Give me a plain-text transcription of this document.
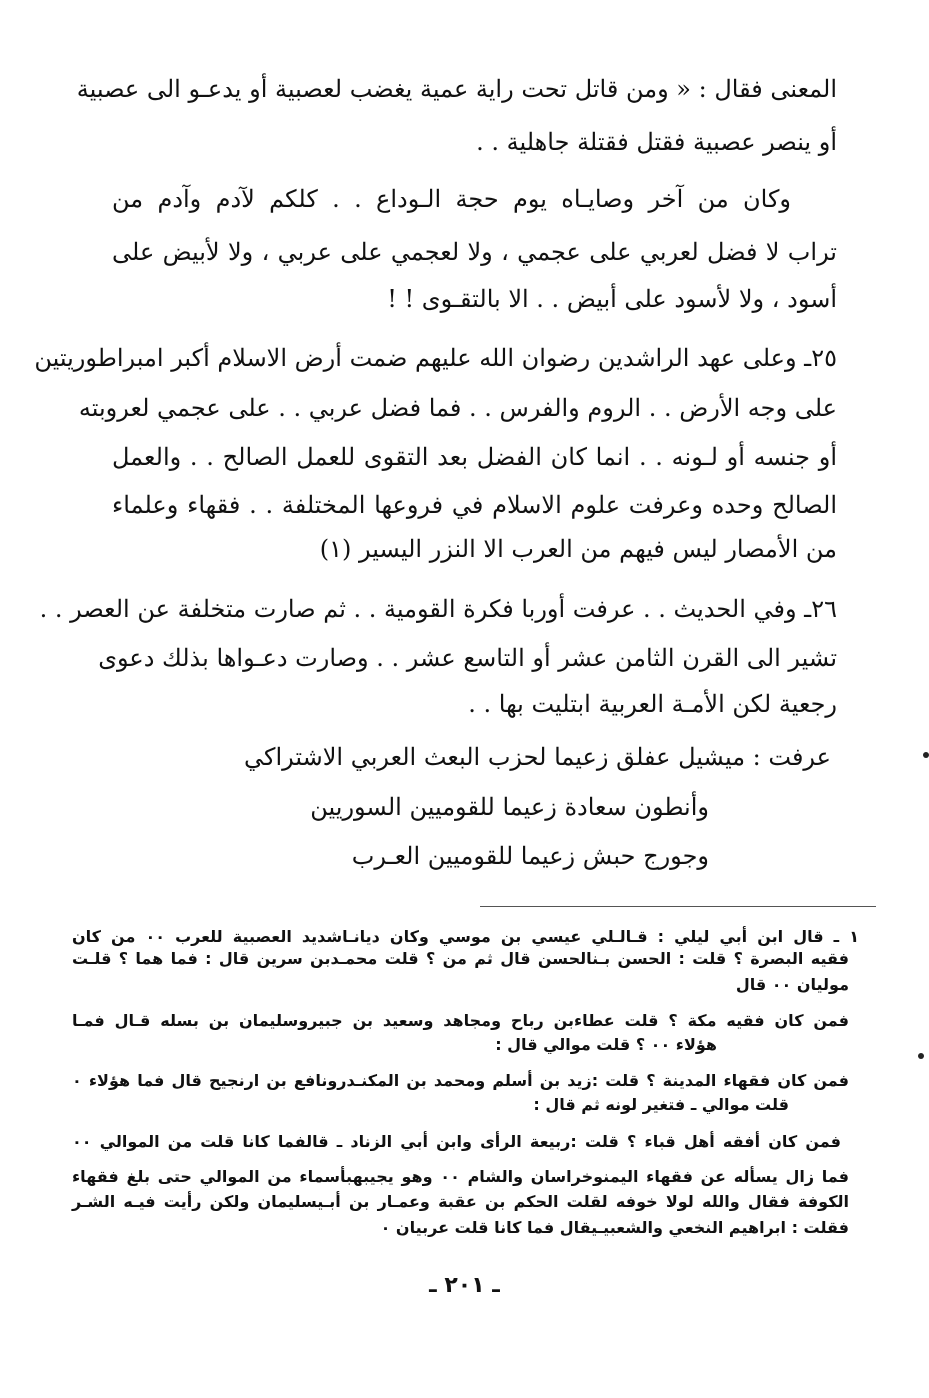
المعنى فقال : « ومن قاتل تحت راية عمية يغضب لعصبية أو يدعـو الى عصبية
أو ينصر عصبية فقتل فقتلة جاهلية . .
وكان من آخر وصايـاه يوم حجة الـوداع . . كلكم لآدم وآدم من
تراب لا فضل لعربي على عجمي ، ولا لعجمي على عربي ، ولا لأبيض على
أسود ، ولا لأسود على أبيض . . الا بالتقـوى ! !
٢٥ـ وعلى عهد الراشدين رضوان الله عليهم ضمت أرض الاسلام أكبر امبراطوريتين
على وجه الأرض . . الروم والفرس . . فما فضل عربي . . على عجمي لعروبته
أو جنسه أو لـونه . . انما كان الفضل بعد التقوى للعمل الصالح . . والعمل
الصالح وحده وعرفت علوم الاسلام في فروعها المختلفة . . فقهاء وعلماء
من الأمصار ليس فيهم من العرب الا النزر اليسير (١)
٢٦ـ وفي الحديث . . عرفت أوربا فكرة القومية . . ثم صارت متخلفة عن العصر . .
تشير الى القرن الثامن عشر أو التاسع عشر . . وصارت دعـواها بذلك دعوى
رجعية لكن الأمـة العربية ابتليت بها . .
عرفت : ميشيل عفلق زعيما لحزب البعث العربي الاشتراكي
وأنطون سعادة زعيما للقوميين السوريين
وجورج حبش زعيما للقوميين العـرب
١ ـ قال ابن أبي ليلي : قـالـلي عيسي بن موسي وكان ديانـاشديد العصبية للعرب ٠٠ من كان
فقيه البصرة ؟ قلت : الحسن بـنالحسن قال ثم من ؟ قلت محمـدبن سرين قال : فما هما ؟ قلـت
موليان ٠٠ قال
فمن كان فقيه مكة ؟ قلت عطاءبن رباح ومجاهد وسعيد بن جبيروسليمان بن بسله قـال فمـا
هؤلاء ٠٠ ؟ قلت موالي قال :
فمن كان فقهاء المدينة ؟ قلت :زيد بن أسلم ومحمد بن المكنـدرونافع بن ارنجيح قال فما هؤلاء ٠
قلت موالي ـ فتغير لونه ثم قال :
فمن كان أفقه أهل قباء ؟ قلت :ربيعة الرأى وابن أبي الزناد ـ قالفما كانا قلت من الموالي ٠٠
فما زال يسأله عن فقهاء اليمنوخراسان والشام ٠٠ وهو يجيبهبأسماء من الموالي حتى بلغ فقهاء
الكوفة فقال والله لولا خوفه لقلت الحكم بن عقبة وعمـار بن أبـيسليمان ولكن رأيت فيـه الشـر
فقلت : ابراهيم النخعي والشعبيـيقال فما كانا قلت عربيان ٠
ـ ٢٠١ ـ
